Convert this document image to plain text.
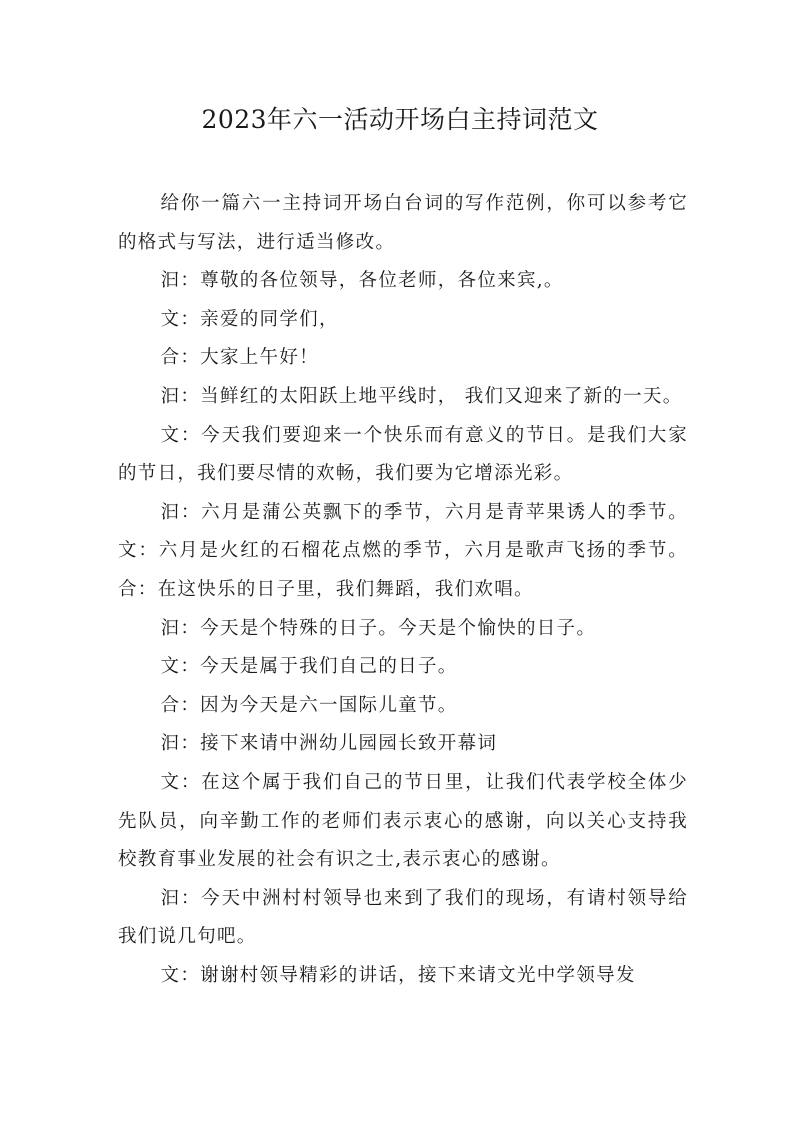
2023年六一活动开场白主持词范文

给你一篇六一主持词开场白台词的写作范例，你可以参考它的格式与写法，进行适当修改。

汩：尊敬的各位领导，各位老师，各位来宾,。

文：亲爱的同学们，

合：大家上午好！

汩：当鲜红的太阳跃上地平线时， 我们又迎来了新的一天。

文：今天我们要迎来一个快乐而有意义的节日。是我们大家的节日，我们要尽情的欢畅，我们要为它增添光彩。

汩：六月是蒲公英飘下的季节，六月是青苹果诱人的季节。 文：六月是火红的石榴花点燃的季节，六月是歌声飞扬的季节。 合：在这快乐的日子里，我们舞蹈，我们欢唱。

汩：今天是个特殊的日子。今天是个愉快的日子。

文：今天是属于我们自己的日子。

合：因为今天是六一国际儿童节。

汩：接下来请中洲幼儿园园长致开幕词

文：在这个属于我们自己的节日里，让我们代表学校全体少先队员，向辛勤工作的老师们表示衷心的感谢，向以关心支持我校教育事业发展的社会有识之士,表示衷心的感谢。

汩：今天中洲村村领导也来到了我们的现场，有请村领导给我们说几句吧。

文：谢谢村领导精彩的讲话，接下来请文光中学领导发
